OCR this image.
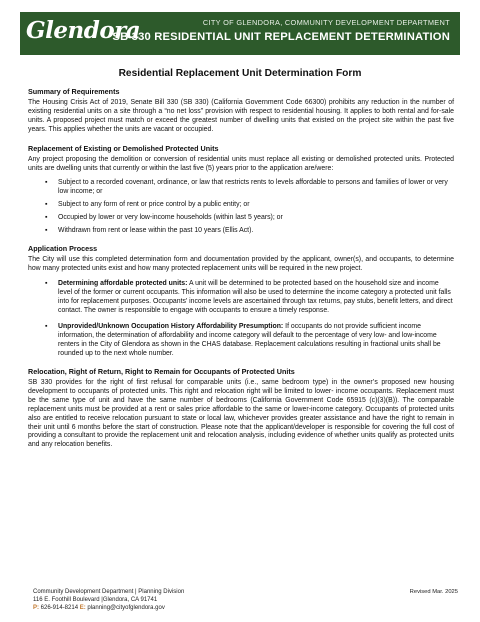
Glendora	CITY OF GLENDORA, COMMUNITY DEVELOPMENT DEPARTMENT
SB 330 RESIDENTIAL UNIT REPLACEMENT DETERMINATION
Residential Replacement Unit Determination Form
Summary of Requirements

The Housing Crisis Act of 2019, Senate Bill 330 (SB 330) (California Government Code 66300) prohibits any reduction in the number of existing residential units on a site through a “no net loss” provision with respect to residential housing. It applies to both rental and for-sale units. A proposed project must match or exceed the greatest number of dwelling units that existed on the project site within the past five years. This applies whether the units are vacant or occupied.

Replacement of Existing or Demolished Protected Units

Any project proposing the demolition or conversion of residential units must replace all existing or demolished protected units. Protected units are dwelling units that currently or within the last five (5) years prior to the application are/were:

▪ Subject to a recorded covenant, ordinance, or law that restricts rents to levels affordable to persons and families of lower or very low income; or
▪ Subject to any form of rent or price control by a public entity; or
▪ Occupied by lower or very low-income households (within last 5 years); or
▪ Withdrawn from rent or lease within the past 10 years (Ellis Act).
Application Process

The City will use this completed determination form and documentation provided by the applicant, owner(s), and occupants, to determine how many protected units exist and how many protected replacement units will be required in the new project.

▪ Determining affordable protected units: A unit will be determined to be protected based on the household size and income level of the former or current occupants. This information will also be used to determine the income category a protected unit falls into for replacement purposes. Occupants’ income levels are ascertained through tax returns, pay stubs, benefit letters, and direct contact. The owner is responsible to engage with occupants to ensure a timely response.
▪ Unprovided/Unknown Occupation History Affordability Presumption: If occupants do not provide sufficient income information, the determination of affordability and income category will default to the percentage of very low- and low-income renters in the City of Glendora as shown in the CHAS database. Replacement calculations resulting in fractional units shall be rounded up to the next whole number.
Relocation, Right of Return, Right to Remain for Occupants of Protected Units

SB 330 provides for the right of first refusal for comparable units (i.e., same bedroom type) in the owner’s proposed new housing development to occupants of protected units. This right and relocation right will be limited to lower- income occupants. Replacement must be the same type of unit and have the same number of bedrooms (California Government Code 65915 (c)(3)(B)). The comparable replacement units must be provided at a rent or sales price affordable to the same or lower-income category. Occupants of protected units also are entitled to receive relocation pursuant to state or local law, whichever provides greater assistance and have the right to remain in their unit until 6 months before the start of construction. Please note that the applicant/developer is responsible for covering the full cost of providing a consultant to provide the replacement unit and relocation analysis, including evidence of whether units qualify as protected units and any relocation benefits.

Community Development Department | Planning Division
116 E. Foothill Boulevard |Glendora, CA 91741
P: 626-914-8214 E: planning@cityofglendora.gov
Revised Mar. 2025
